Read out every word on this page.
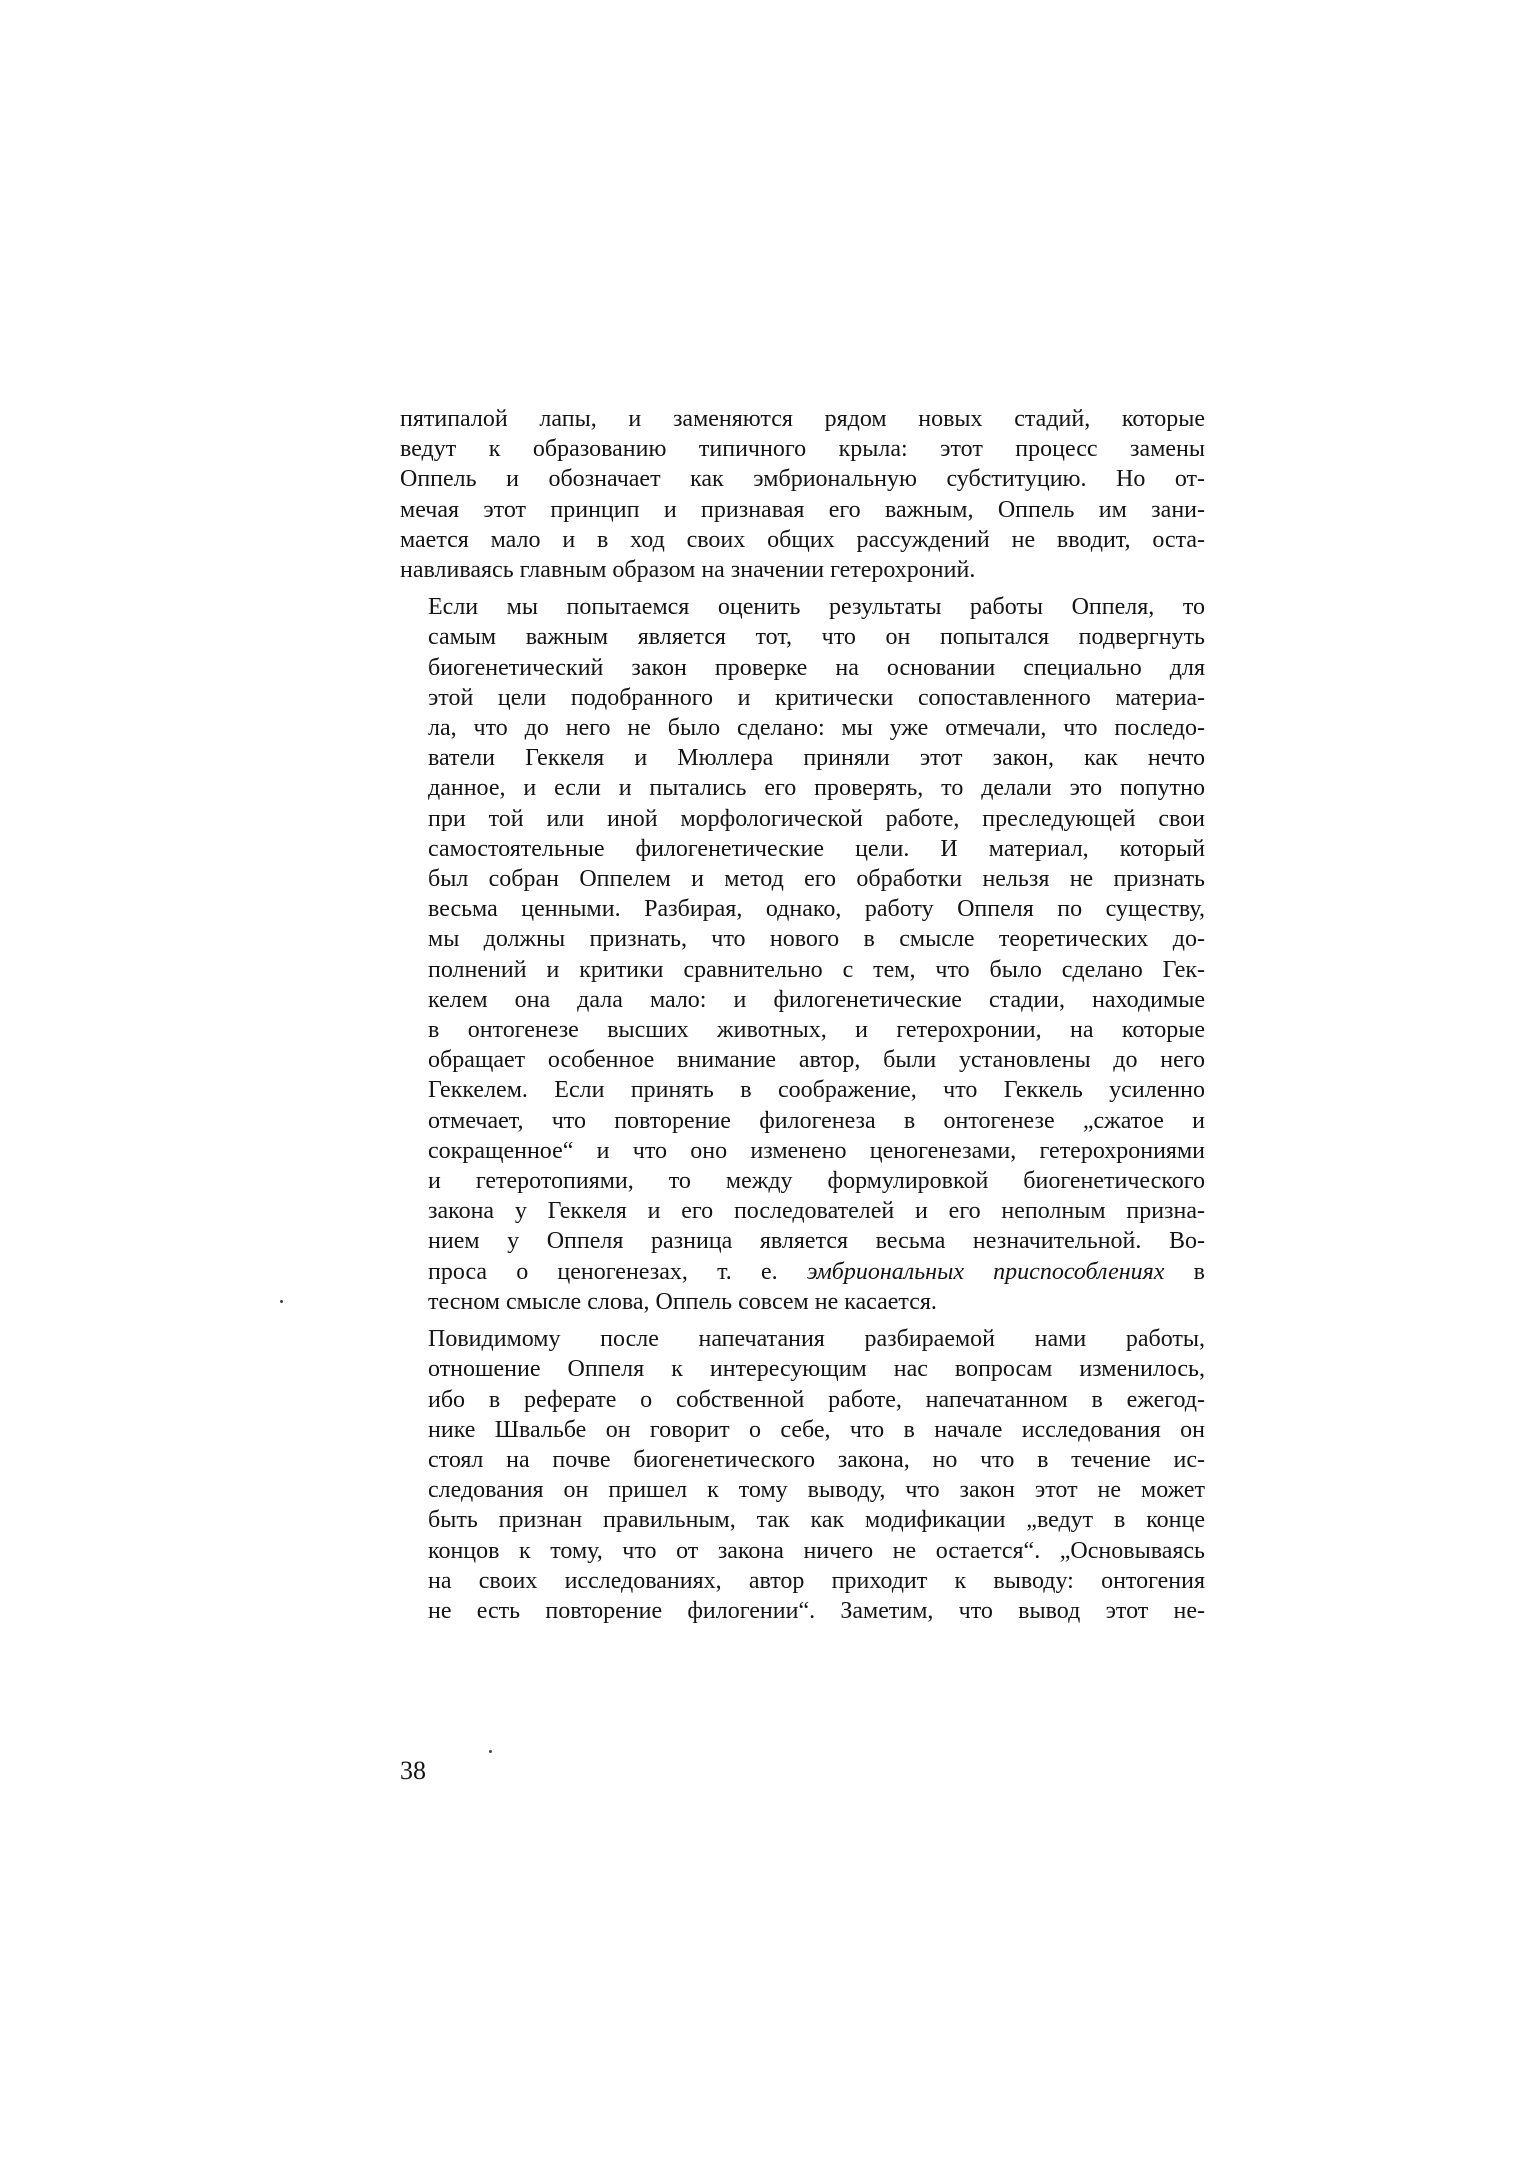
пятипалой лапы, и заменяются рядом новых стадий, которые
ведут к образованию типичного крыла: этот процесс замены
Оппель и обозначает как эмбриональную субституцию. Но от-
мечая этот принцип и признавая его важным, Оппель им зани-
мается мало и в ход своих общих рассуждений не вводит, оста-
навливаясь главным образом на значении гетерохроний.

Если мы попытаемся оценить результаты работы Оппеля, то
самым важным является тот, что он попытался подвергнуть
биогенетический закон проверке на основании специально для
этой цели подобранного и критически сопоставленного материа-
ла, что до него не было сделано: мы уже отмечали, что последо-
ватели Геккеля и Мюллера приняли этот закон, как нечто
данное, и если и пытались его проверять, то делали это попутно
при той или иной морфологической работе, преследующей свои
самостоятельные филогенетические цели. И материал, который
был собран Оппелем и метод его обработки нельзя не признать
весьма ценными. Разбирая, однако, работу Оппеля по существу,
мы должны признать, что нового в смысле теоретических до-
полнений и критики сравнительно с тем, что было сделано Гек-
келем она дала мало: и филогенетические стадии, находимые
в онтогенезе высших животных, и гетерохронии, на которые
обращает особенное внимание автор, были установлены до него
Геккелем. Если принять в соображение, что Геккель усиленно
отмечает, что повторение филогенеза в онтогенезе „сжатое и
сокращенное“ и что оно изменено ценогенезами, гетерохрониями
и гетеротопиями, то между формулировкой биогенетического
закона у Геккеля и его последователей и его неполным призна-
нием у Оппеля разница является весьма незначительной. Во-
проса о ценогенезах, т. е. эмбриональных приспособлениях в
тесном смысле слова, Оппель совсем не касается.

Повидимому после напечатания разбираемой нами работы,
отношение Оппеля к интересующим нас вопросам изменилось,
ибо в реферате о собственной работе, напечатанном в ежегод-
нике Швальбе он говорит о себе, что в начале исследования он
стоял на почве биогенетического закона, но что в течение ис-
следования он пришел к тому выводу, что закон этот не может
быть признан правильным, так как модификации „ведут в конце
концов к тому, что от закона ничего не остается“. „Основываясь
на своих исследованиях, автор приходит к выводу: онтогения
не есть повторение филогении“. Заметим, что вывод этот не-

38
